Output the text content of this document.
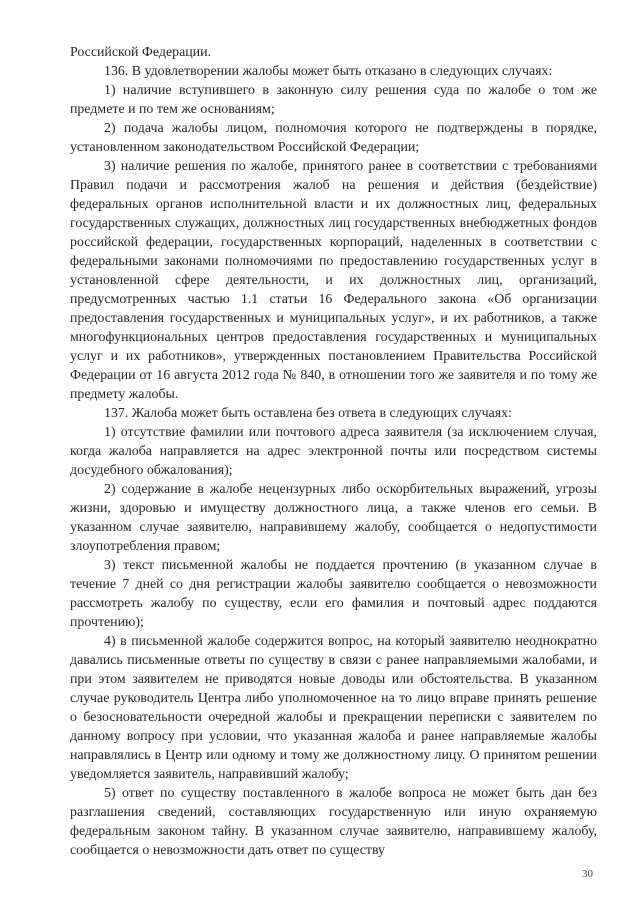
Российской Федерации.

136. В удовлетворении жалобы может быть отказано в следующих случаях:

1) наличие вступившего в законную силу решения суда по жалобе о том же предмете и по тем же основаниям;

2) подача жалобы лицом, полномочия которого не подтверждены в порядке, установленном законодательством Российской Федерации;

3) наличие решения по жалобе, принятого ранее в соответствии с требованиями Правил подачи и рассмотрения жалоб на решения и действия (бездействие) федеральных органов исполнительной власти и их должностных лиц, федеральных государственных служащих, должностных лиц государственных внебюджетных фондов российской федерации, государственных корпораций, наделенных в соответствии с федеральными законами полномочиями по предоставлению государственных услуг в установленной сфере деятельности, и их должностных лиц, организаций, предусмотренных частью 1.1 статьи 16 Федерального закона «Об организации предоставления государственных и муниципальных услуг», и их работников, а также многофункциональных центров предоставления государственных и муниципальных услуг и их работников», утвержденных постановлением Правительства Российской Федерации от 16 августа 2012 года № 840, в отношении того же заявителя и по тому же предмету жалобы.

137. Жалоба может быть оставлена без ответа в следующих случаях:

1) отсутствие фамилии или почтового адреса заявителя (за исключением случая, когда жалоба направляется на адрес электронной почты или посредством системы досудебного обжалования);

2) содержание в жалобе нецензурных либо оскорбительных выражений, угрозы жизни, здоровью и имуществу должностного лица, а также членов его семьи. В указанном случае заявителю, направившему жалобу, сообщается о недопустимости злоупотребления правом;

3) текст письменной жалобы не поддается прочтению (в указанном случае в течение 7 дней со дня регистрации жалобы заявителю сообщается о невозможности рассмотреть жалобу по существу, если его фамилия и почтовый адрес поддаются прочтению);

4) в письменной жалобе содержится вопрос, на который заявителю неоднократно давались письменные ответы по существу в связи с ранее направляемыми жалобами, и при этом заявителем не приводятся новые доводы или обстоятельства. В указанном случае руководитель Центра либо уполномоченное на то лицо вправе принять решение о безосновательности очередной жалобы и прекращении переписки с заявителем по данному вопросу при условии, что указанная жалоба и ранее направляемые жалобы направлялись в Центр или одному и тому же должностному лицу. О принятом решении уведомляется заявитель, направивший жалобу;

5) ответ по существу поставленного в жалобе вопроса не может быть дан без разглашения сведений, составляющих государственную или иную охраняемую федеральным законом тайну. В указанном случае заявителю, направившему жалобу, сообщается о невозможности дать ответ по существу

30
